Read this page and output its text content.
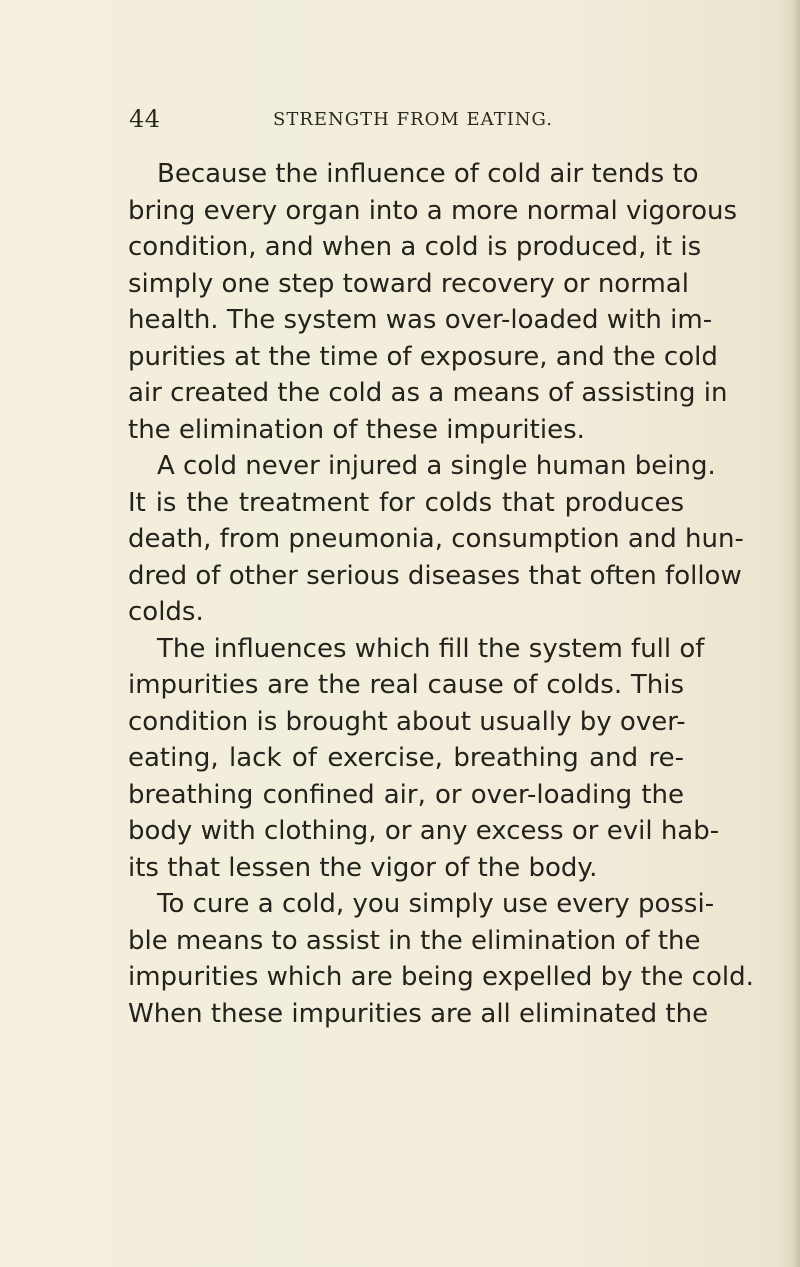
44	STRENGTH FROM EATING.
Because the influence of cold air tends to
bring every organ into a more normal vigorous
condition, and when a cold is produced, it is
simply one step toward recovery or normal
health. The system was over-loaded with im-
purities at the time of exposure, and the cold
air created the cold as a means of assisting in
the elimination of these impurities.
A cold never injured a single human being.
It is the treatment for colds that produces
death, from pneumonia, consumption and hun-
dred of other serious diseases that often follow
colds.
The influences which fill the system full of
impurities are the real cause of colds. This
condition is brought about usually by over-
eating, lack of exercise, breathing and re-
breathing confined air, or over-loading the
body with clothing, or any excess or evil hab-
its that lessen the vigor of the body.
To cure a cold, you simply use every possi-
ble means to assist in the elimination of the
impurities which are being expelled by the cold.
When these impurities are all eliminated the
